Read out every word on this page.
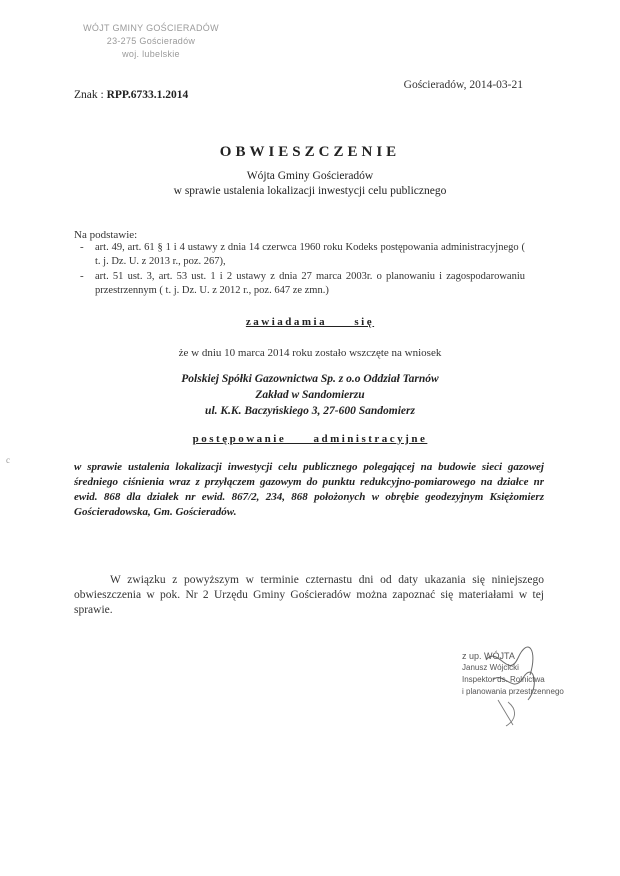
WÓJT GMINY GOŚCIERADÓW
23-275 Gościeradów
woj. lubelskie
Gościeradów, 2014-03-21
Znak : RPP.6733.1.2014
OBWIESZCZENIE
Wójta Gminy Gościeradów
w sprawie ustalenia lokalizacji inwestycji celu publicznego
Na podstawie:
- art. 49, art. 61 § 1 i 4 ustawy z dnia 14 czerwca 1960 roku Kodeks postępowania administracyjnego ( t. j. Dz. U. z 2013 r., poz. 267),
- art. 51 ust. 3, art. 53 ust. 1 i 2 ustawy z dnia 27 marca 2003r. o planowaniu i zagospodarowaniu przestrzennym ( t. j. Dz. U. z 2012 r., poz. 647 ze zmn.)
zawiadamia się
że w dniu 10 marca 2014 roku zostało wszczęte na wniosek
Polskiej Spółki Gazownictwa Sp. z o.o Oddział Tarnów
Zakład w Sandomierzu
ul. K.K. Baczyńskiego 3, 27-600 Sandomierz
postępowanie administracyjne
w sprawie ustalenia lokalizacji inwestycji celu publicznego polegającej na budowie sieci gazowej średniego ciśnienia wraz z przyłączem gazowym do punktu redukcyjno-pomiarowego na działce nr ewid. 868 dla działek nr ewid. 867/2, 234, 868 położonych w obrębie geodezyjnym Księżomierz Gościeradowska, Gm. Gościeradów.
W związku z powyższym w terminie czternastu dni od daty ukazania się niniejszego obwieszczenia w pok. Nr 2 Urzędu Gminy Gościeradów można zapoznać się materiałami w tej sprawie.
z up. WÓJTA
Janusz Wójcicki
Inspektor ds. Rolnictwa
i planowania przestrzennego
c
